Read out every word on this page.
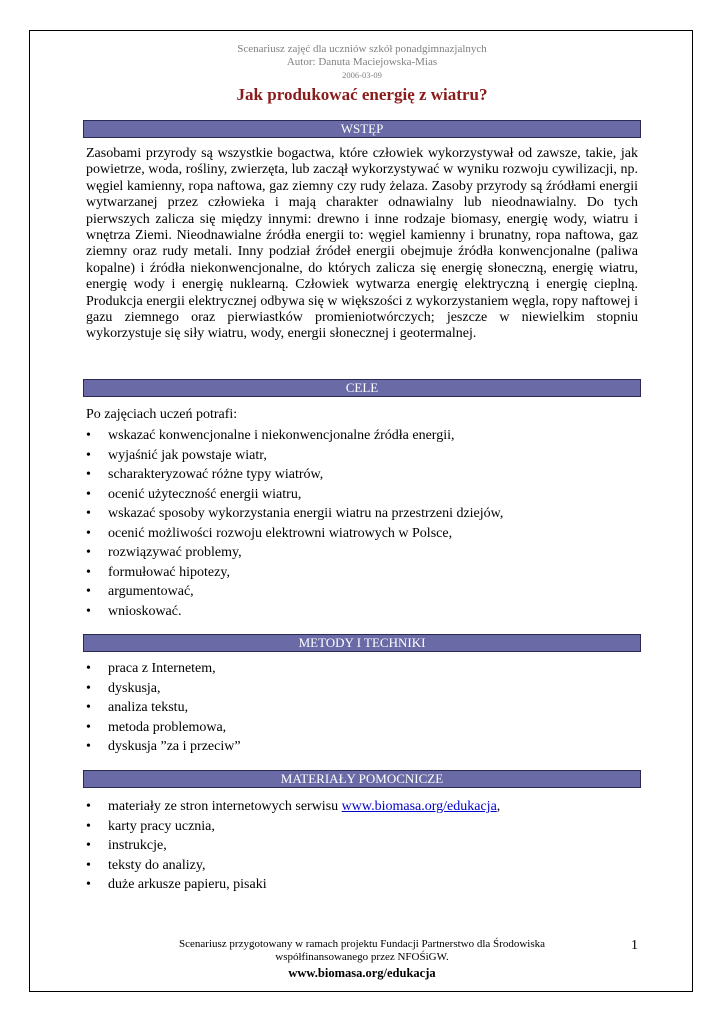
Scenariusz zajęć dla uczniów szkół ponadgimnazjalnych
Autor: Danuta Maciejowska-Mias
2006-03-09
Jak produkować energię z wiatru?
WSTĘP
Zasobami przyrody są wszystkie bogactwa, które człowiek wykorzystywał od zawsze, takie, jak powietrze, woda, rośliny, zwierzęta, lub zaczął wykorzystywać w wyniku rozwoju cywilizacji, np. węgiel kamienny, ropa naftowa, gaz ziemny czy rudy żelaza. Zasoby przyrody są źródłami energii wytwarzanej przez człowieka i mają charakter odnawialny lub nieodnawialny. Do tych pierwszych zalicza się między innymi: drewno i inne rodzaje biomasy, energię wody, wiatru i wnętrza Ziemi. Nieodnawialne źródła energii to: węgiel kamienny i brunatny, ropa naftowa, gaz ziemny oraz rudy metali. Inny podział źródeł energii obejmuje źródła konwencjonalne (paliwa kopalne) i źródła niekonwencjonalne, do których zalicza się energię słoneczną, energię wiatru, energię wody i energię nuklearną. Człowiek wytwarza energię elektryczną i energię cieplną. Produkcja energii elektrycznej odbywa się w większości z wykorzystaniem węgla, ropy naftowej i gazu ziemnego oraz pierwiastków promieniotwórczych; jeszcze w niewielkim stopniu wykorzystuje się siły wiatru, wody, energii słonecznej i geotermalnej.
CELE
Po zajęciach uczeń potrafi:
• wskazać konwencjonalne i niekonwencjonalne źródła energii,
• wyjaśnić jak powstaje wiatr,
• scharakteryzować różne typy wiatrów,
• ocenić użyteczność energii wiatru,
• wskazać sposoby wykorzystania energii wiatru na przestrzeni dziejów,
• ocenić możliwości rozwoju elektrowni wiatrowych w Polsce,
• rozwiązywać problemy,
• formułować hipotezy,
• argumentować,
• wnioskować.
METODY I TECHNIKI
• praca z Internetem,
• dyskusja,
• analiza tekstu,
• metoda problemowa,
• dyskusja ”za i przeciw”
MATERIAŁY POMOCNICZE
• materiały ze stron internetowych serwisu www.biomasa.org/edukacja,
• karty pracy ucznia,
• instrukcje,
• teksty do analizy,
• duże arkusze papieru, pisaki
Scenariusz przygotowany w ramach projektu Fundacji Partnerstwo dla Środowiska
współfinansowanego przez NFOŚiGW.
www.biomasa.org/edukacja
1
